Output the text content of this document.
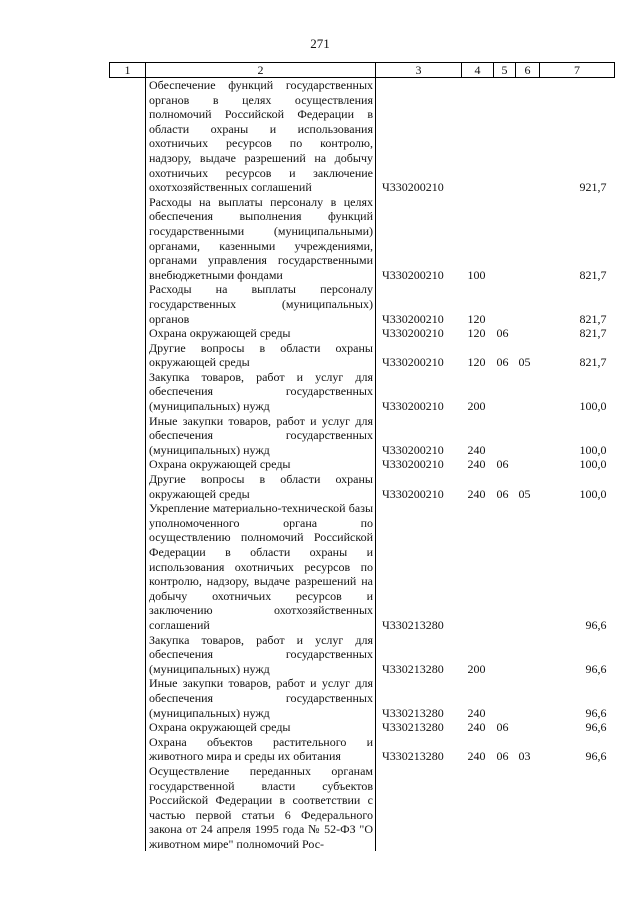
271
1	2	3	4	5	6	7
	Обеспечение функций государственных органов в целях осуществления полномочий Российской Федерации в области охраны и использования охотничьих ресурсов по контролю, надзору, выдаче разрешений на добычу охотничьих ресурсов и заключение охотхозяйственных соглашений	Ч330200210				921,7
	Расходы на выплаты персоналу в целях обеспечения выполнения функций государственными (муниципальными) органами, казенными учреждениями, органами управления государственными внебюджетными фондами	Ч330200210	100			821,7
	Расходы на выплаты персоналу государственных (муниципальных) органов	Ч330200210	120			821,7
	Охрана окружающей среды	Ч330200210	120	06		821,7
	Другие вопросы в области охраны окружающей среды	Ч330200210	120	06	05	821,7
	Закупка товаров, работ и услуг для обеспечения государственных (муниципальных) нужд	Ч330200210	200			100,0
	Иные закупки товаров, работ и услуг для обеспечения государственных (муниципальных) нужд	Ч330200210	240			100,0
	Охрана окружающей среды	Ч330200210	240	06		100,0
	Другие вопросы в области охраны окружающей среды	Ч330200210	240	06	05	100,0
	Укрепление материально-технической базы уполномоченного органа по осуществлению полномочий Российской Федерации в области охраны и использования охотничьих ресурсов по контролю, надзору, выдаче разрешений на добычу охотничьих ресурсов и заключению охотхозяйственных соглашений	Ч330213280				96,6
	Закупка товаров, работ и услуг для обеспечения государственных (муниципальных) нужд	Ч330213280	200			96,6
	Иные закупки товаров, работ и услуг для обеспечения государственных (муниципальных) нужд	Ч330213280	240			96,6
	Охрана окружающей среды	Ч330213280	240	06		96,6
	Охрана объектов растительного и животного мира и среды их обитания	Ч330213280	240	06	03	96,6
	Осуществление переданных органам государственной власти субъектов Российской Федерации в соответствии с частью первой статьи 6 Федерального закона от 24 апреля 1995 года № 52-ФЗ "О животном мире" полномочий Рос-					
